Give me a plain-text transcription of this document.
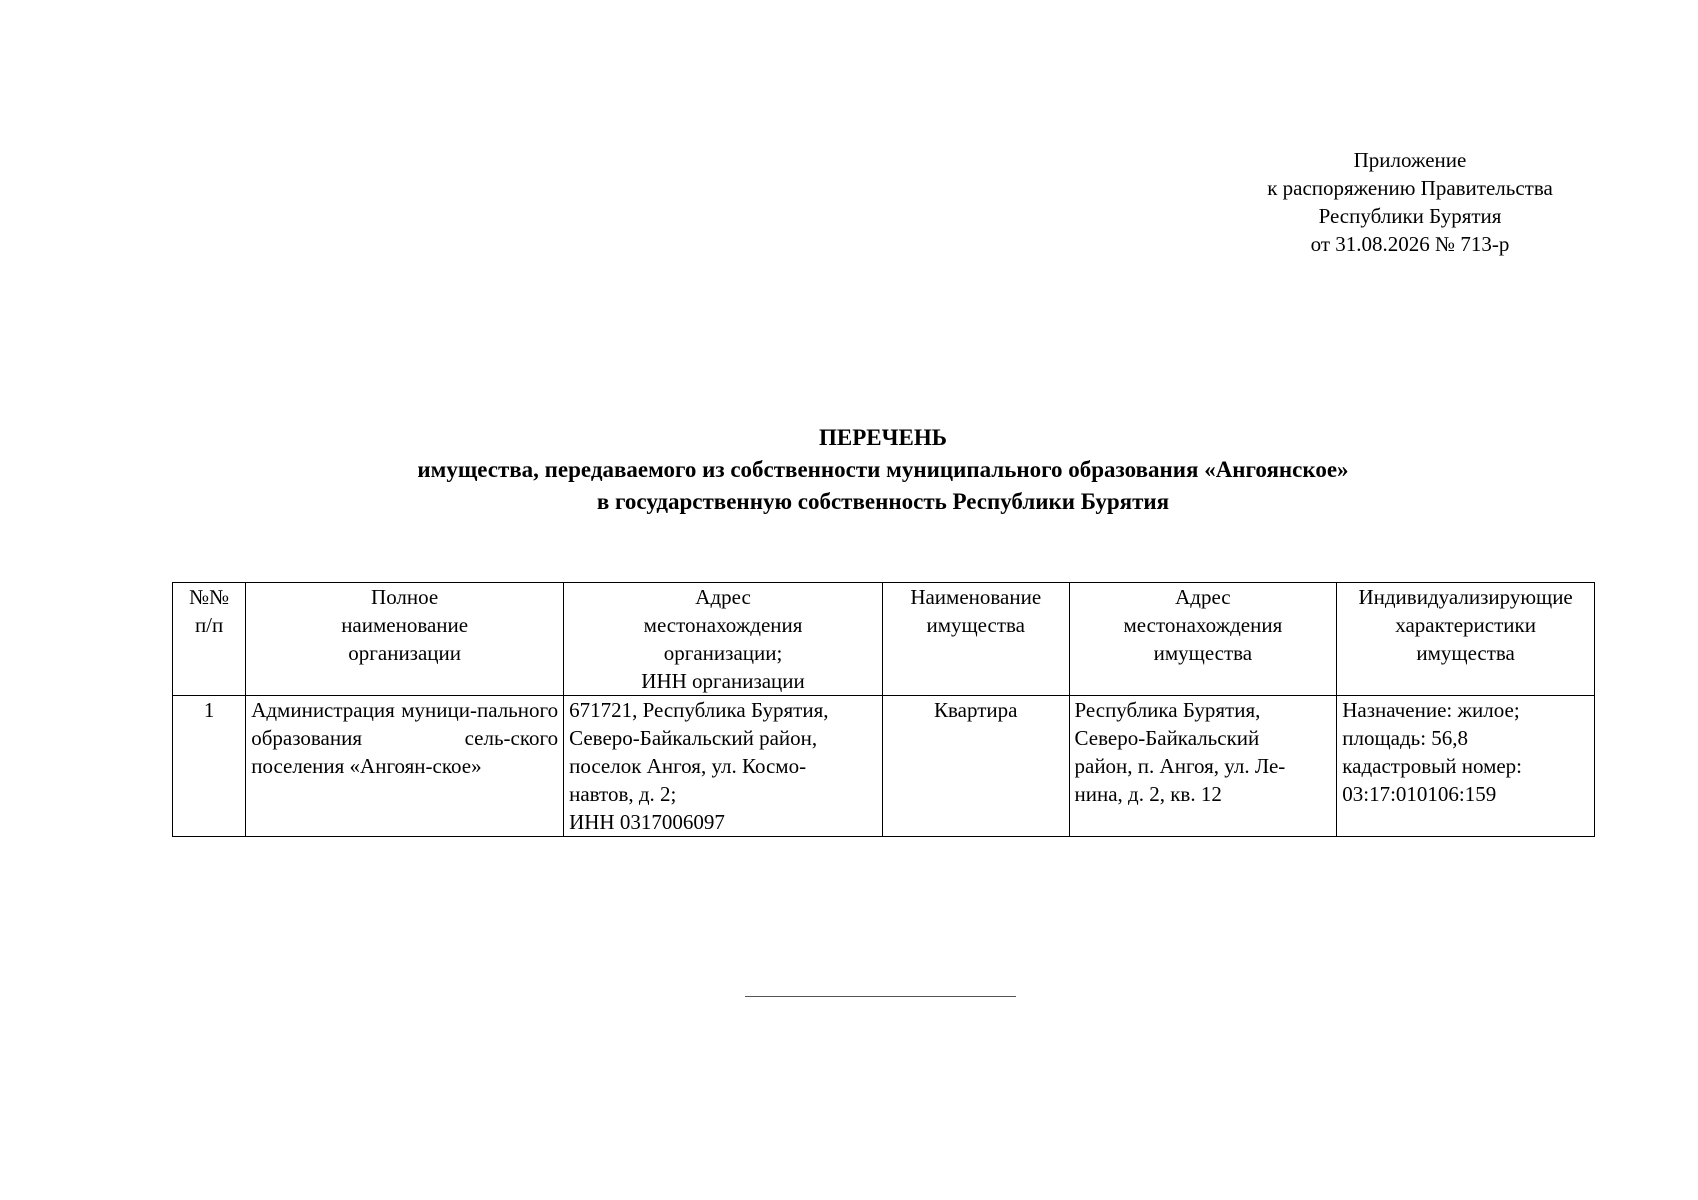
Приложение
к распоряжению Правительства
Республики Бурятия
от 31.08.2026 № 713-р
ПЕРЕЧЕНЬ
имущества, передаваемого из собственности муниципального образования «Ангоянское»
в государственную собственность Республики Бурятия
№№
п/п	Полное
наименование
организации	Адрес
местонахождения
организации;
ИНН организации	Наименование
имущества	Адрес
местонахождения
имущества	Индивидуализирующие
характеристики
имущества
1	Администрация муници-пального образования сель-ского поселения «Ангоян-ское»	671721, Республика Бурятия,
Северо-Байкальский район,
поселок Ангоя, ул. Космо-
навтов, д. 2;
ИНН 0317006097	Квартира	Республика Бурятия,
Северо-Байкальский
район, п. Ангоя, ул. Ле-
нина, д. 2, кв. 12	Назначение: жилое;
площадь: 56,8
кадастровый номер:
03:17:010106:159
